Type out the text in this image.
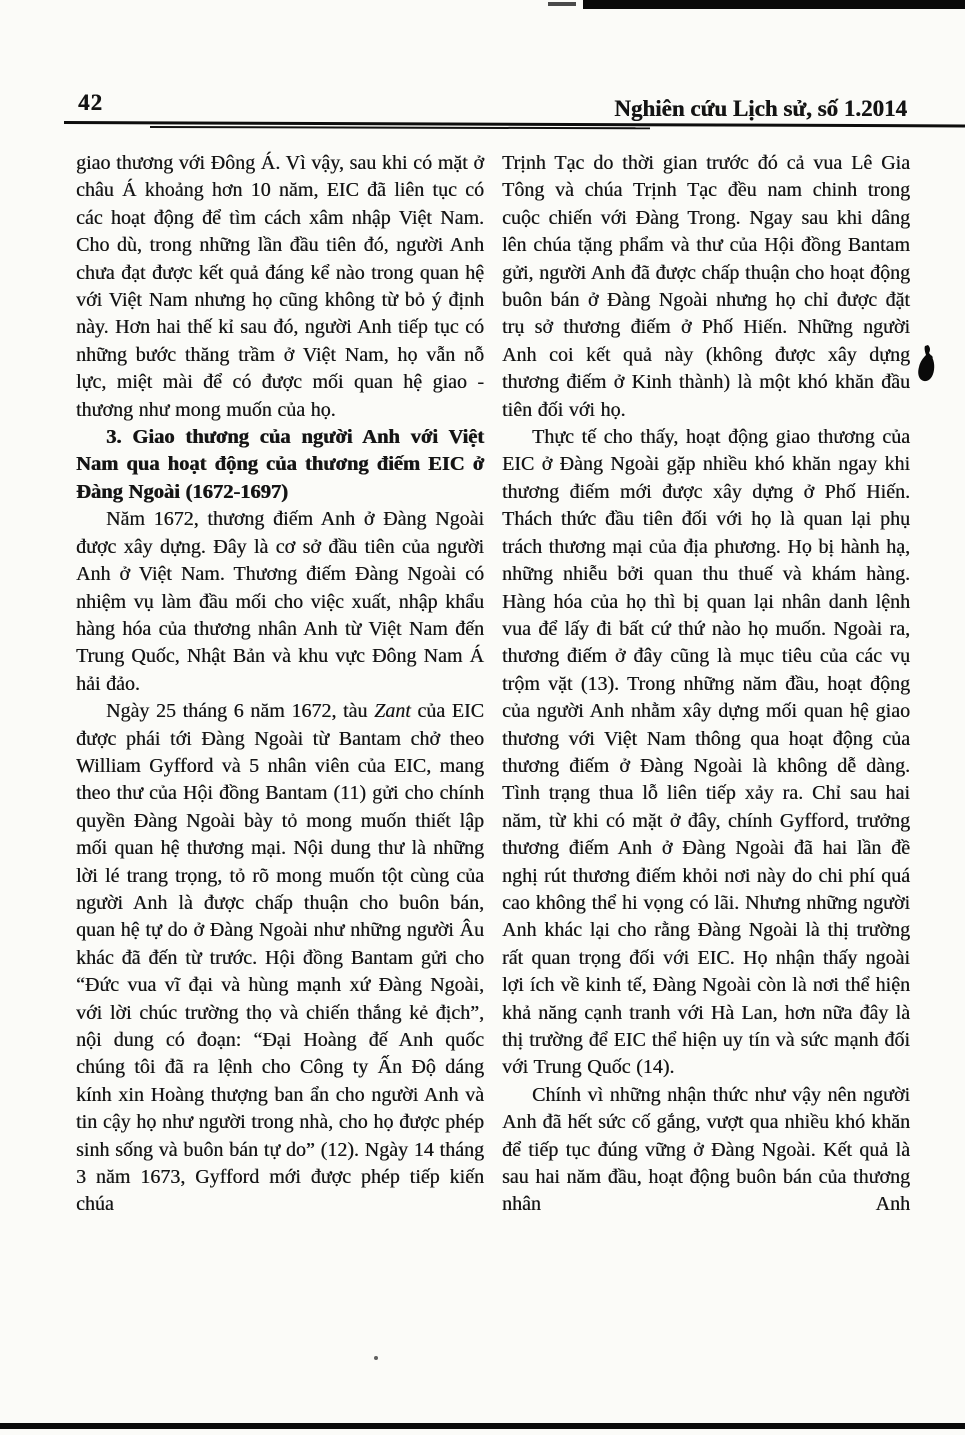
42	Nghiên cứu Lịch sử, số 1.2014

giao thương với Đông Á. Vì vậy, sau khi có mặt ở châu Á khoảng hơn 10 năm, EIC đã liên tục có các hoạt động để tìm cách xâm nhập Việt Nam. Cho dù, trong những lần đầu tiên đó, người Anh chưa đạt được kết quả đáng kể nào trong quan hệ với Việt Nam nhưng họ cũng không từ bỏ ý định này. Hơn hai thế kỉ sau đó, người Anh tiếp tục có những bước thăng trầm ở Việt Nam, họ vẫn nỗ lực, miệt mài để có được mối quan hệ giao - thương như mong muốn của họ.

3. Giao thương của người Anh với Việt Nam qua hoạt động của thương điếm EIC ở Đàng Ngoài (1672-1697)

Năm 1672, thương điếm Anh ở Đàng Ngoài được xây dựng. Đây là cơ sở đầu tiên của người Anh ở Việt Nam. Thương điếm Đàng Ngoài có nhiệm vụ làm đầu mối cho việc xuất, nhập khẩu hàng hóa của thương nhân Anh từ Việt Nam đến Trung Quốc, Nhật Bản và khu vực Đông Nam Á hải đảo.

Ngày 25 tháng 6 năm 1672, tàu Zant của EIC được phái tới Đàng Ngoài từ Bantam chở theo William Gyfford và 5 nhân viên của EIC, mang theo thư của Hội đồng Bantam (11) gửi cho chính quyền Đàng Ngoài bày tỏ mong muốn thiết lập mối quan hệ thương mại. Nội dung thư là những lời lé trang trọng, tỏ rõ mong muốn tột cùng của người Anh là được chấp thuận cho buôn bán, quan hệ tự do ở Đàng Ngoài như những người Âu khác đã đến từ trước. Hội đồng Bantam gửi cho “Đức vua vĩ đại và hùng mạnh xứ Đàng Ngoài, với lời chúc trường thọ và chiến thắng kẻ địch”, nội dung có đoạn: “Đại Hoàng đế Anh quốc chúng tôi đã ra lệnh cho Công ty Ấn Độ dáng kính xin Hoàng thượng ban ẩn cho người Anh và tin cậy họ như người trong nhà, cho họ được phép sinh sống và buôn bán tự do” (12). Ngày 14 tháng 3 năm 1673, Gyfford mới được phép tiếp kiến chúa

Trịnh Tạc do thời gian trước đó cả vua Lê Gia Tông và chúa Trịnh Tạc đều nam chinh trong cuộc chiến với Đàng Trong. Ngay sau khi dâng lên chúa tặng phẩm và thư của Hội đồng Bantam gửi, người Anh đã được chấp thuận cho hoạt động buôn bán ở Đàng Ngoài nhưng họ chỉ được đặt trụ sở thương điếm ở Phố Hiến. Những người Anh coi kết quả này (không được xây dựng thương điếm ở Kinh thành) là một khó khăn đầu tiên đối với họ.

Thực tế cho thấy, hoạt động giao thương của EIC ở Đàng Ngoài gặp nhiều khó khăn ngay khi thương điếm mới được xây dựng ở Phố Hiến. Thách thức đầu tiên đối với họ là quan lại phụ trách thương mại của địa phương. Họ bị hành hạ, những nhiễu bởi quan thu thuế và khám hàng. Hàng hóa của họ thì bị quan lại nhân danh lệnh vua để lấy đi bất cứ thứ nào họ muốn. Ngoài ra, thương điếm ở đây cũng là mục tiêu của các vụ trộm vặt (13). Trong những năm đầu, hoạt động của người Anh nhằm xây dựng mối quan hệ giao thương với Việt Nam thông qua hoạt động của thương điếm ở Đàng Ngoài là không dễ dàng. Tình trạng thua lỗ liên tiếp xảy ra. Chỉ sau hai năm, từ khi có mặt ở đây, chính Gyfford, trưởng thương điếm Anh ở Đàng Ngoài đã hai lần đề nghị rút thương điếm khỏi nơi này do chi phí quá cao không thể hi vọng có lãi. Nhưng những người Anh khác lại cho rằng Đàng Ngoài là thị trường rất quan trọng đối với EIC. Họ nhận thấy ngoài lợi ích về kinh tế, Đàng Ngoài còn là nơi thể hiện khả năng cạnh tranh với Hà Lan, hơn nữa đây là thị trường để EIC thể hiện uy tín và sức mạnh đối với Trung Quốc (14).

Chính vì những nhận thức như vậy nên người Anh đã hết sức cố gắng, vượt qua nhiều khó khăn để tiếp tục đúng vững ở Đàng Ngoài. Kết quả là sau hai năm đầu, hoạt động buôn bán của thương nhân Anh
